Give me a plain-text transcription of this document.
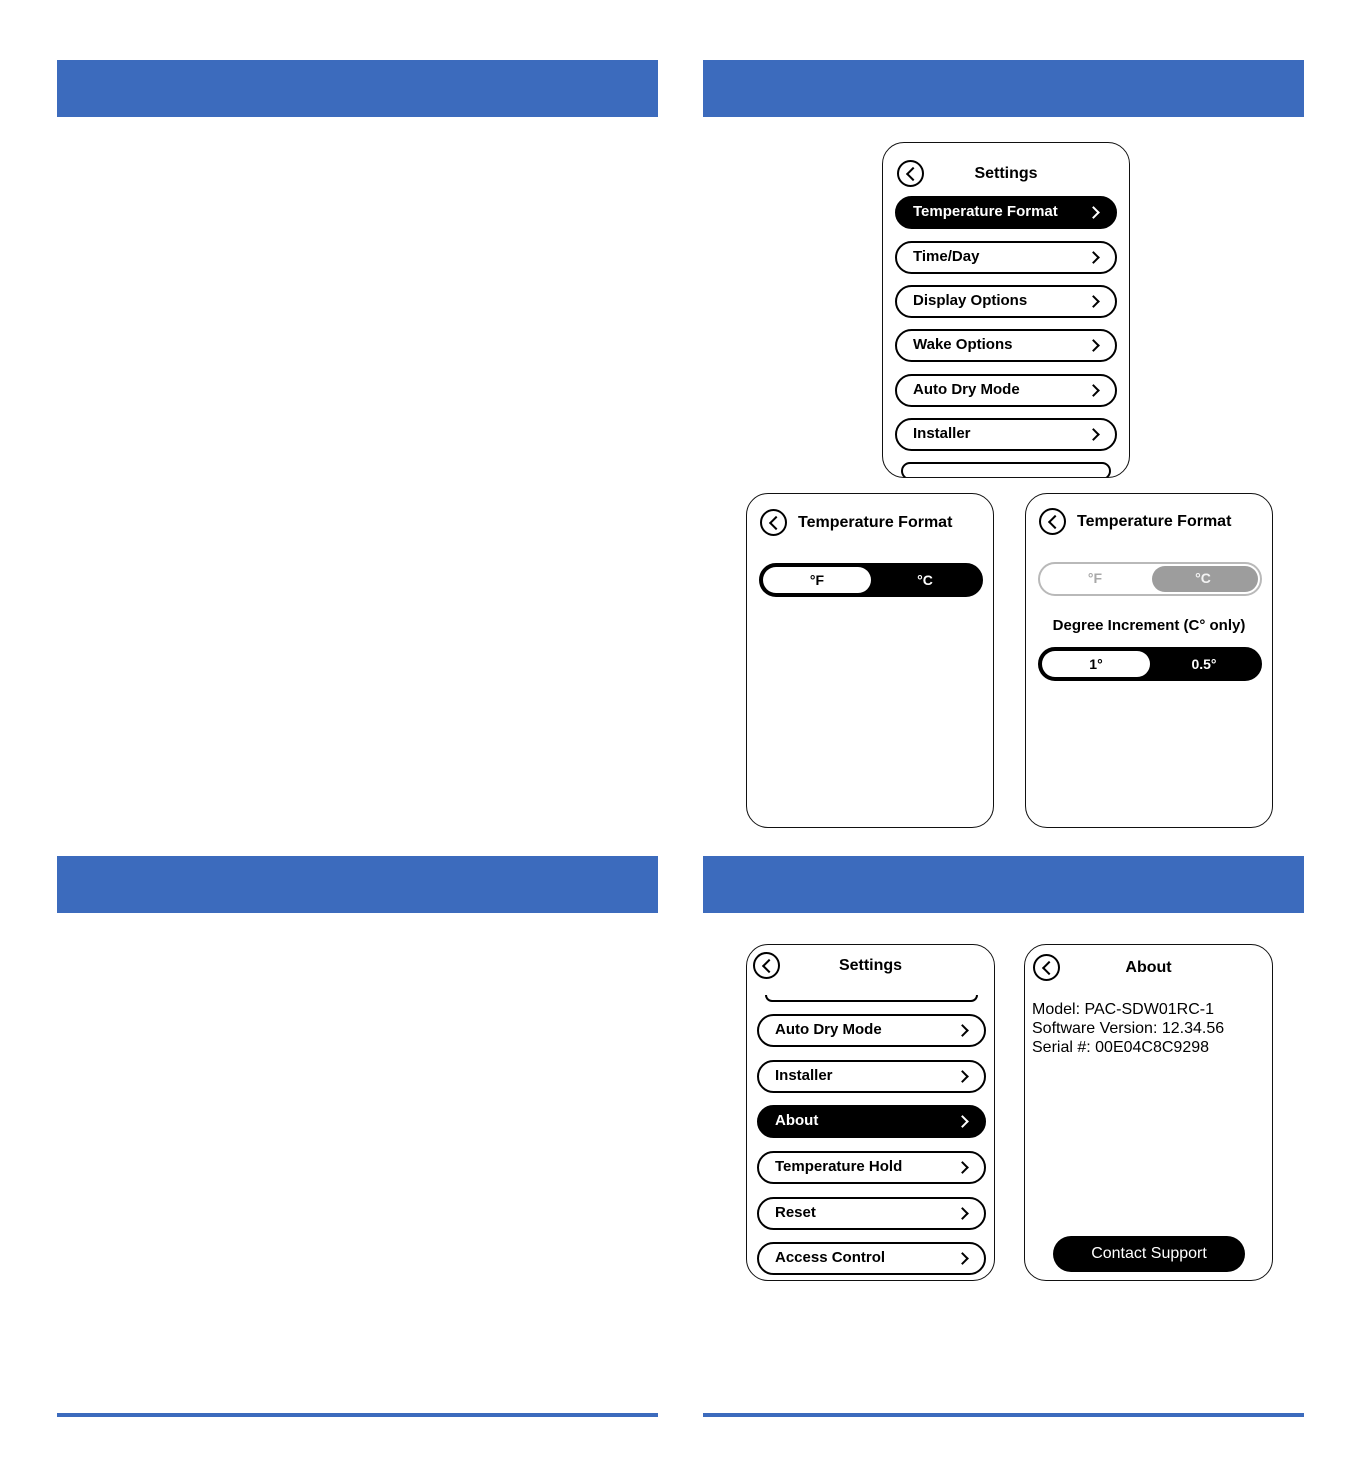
Settings
Temperature Format
Time/Day
Display Options
Wake Options
Auto Dry Mode
Installer
Temperature Format
°F	°C
Temperature Format
°F	°C
Degree Increment (C° only)
1°	0.5°
Settings
Auto Dry Mode
Installer
About
Temperature Hold
Reset
Access Control
About
Model: PAC-SDW01RC-1
Software Version: 12.34.56
Serial #: 00E04C8C9298
Contact Support
